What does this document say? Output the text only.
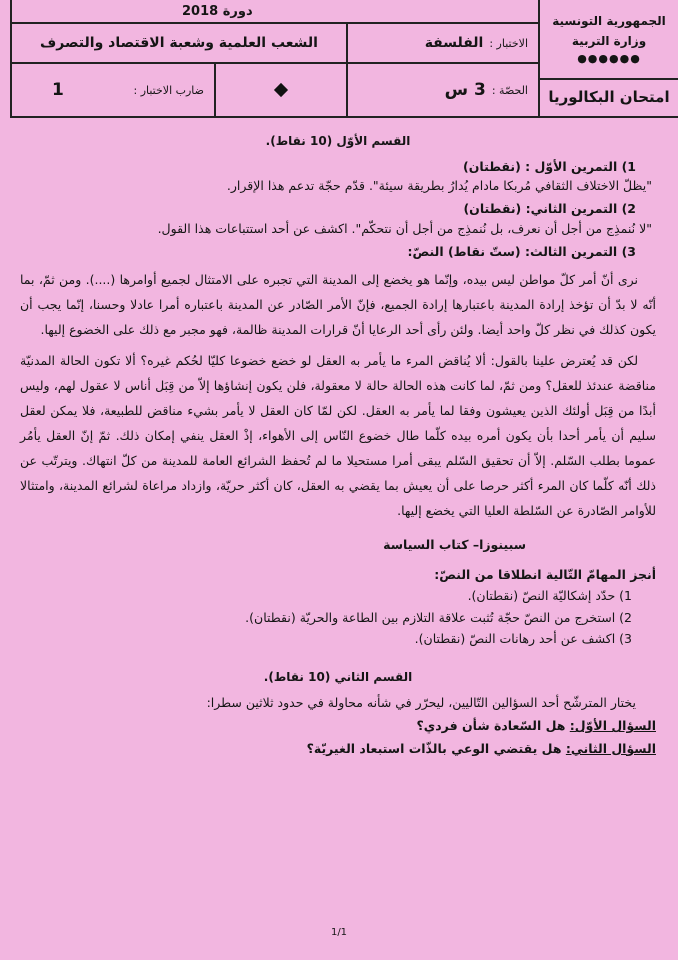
الجمهورية التونسية
وزارة التربية
●●●●●●
امتحان البكالوريا
دورة 2018
الاختبار :
الفلسفة
الشعب العلمية وشعبة الاقتصاد والتصرف
الحصّة :
3 س
ضارب الاختبار :
1
القسم الأوّل (10 نقاط).
1) التمرين الأوّل : (نقطتان)
"يظلّ الاختلاف الثقافي مُربكا مادام يُدارُ بطريقة سيئة". قدّم حجّة تدعم هذا الإقرار.
2) التمرين الثاني: (نقطتان)
"لا نُنمذِج من أجل أن نعرف، بل نُنمذِج من أجل أن نتحكّم". اكشف عن أحد استتباعات هذا القول.
3) التمرين الثالث: (ستّ نقاط) النصّ:
نرى أنّ أمر كلّ مواطن ليس بيده، وإنّما هو يخضع إلى المدينة التي تجبره على الامتثال لجميع أوامرها (....). ومن ثمّ، بما أنّه لا بدّ أن تؤخذ إرادة المدينة باعتبارها إرادة الجميع، فإنّ الأمر الصّادر عن المدينة باعتباره أمرا عادلا وحسنا، إنّما يجب أن يكون كذلك في نظر كلّ واحد أيضا. ولئن رأى أحد الرعايا أنّ قرارات المدينة ظالمة، فهو مجبر مع ذلك على الخضوع إليها.
لكن قد يُعترض علينا بالقول: ألا يُناقض المرء ما يأمر به العقل لو خضع خضوعا كليّا لحُكم غيره؟ ألا تكون الحالة المدنيّة مناقضة عندئذ للعقل؟ ومن ثمّ، لما كانت هذه الحالة حالة لا معقولة، فلن يكون إنشاؤها إلاّ من قِبَل أناس لا عقول لهم، وليس أبدًا من قِبَل أولئك الذين يعيشون وفقا لما يأمر به العقل. لكن لمّا كان العقل لا يأمر بشيء مناقض للطبيعة، فلا يمكن لعقل سليم أن يأمر أحدا بأن يكون أمره بيده كلّما طال خضوع النّاس إلى الأهواء، إذْ العقل ينفي إمكان ذلك. ثمّ إنّ العقل يأمُر عموما بطلب السّلم. إلاّ أن تحقيق السّلم يبقى أمرا مستحيلا ما لم تُحفظ الشرائع العامة للمدينة من كلّ انتهاك. ويترتّب عن ذلك أنّه كلّما كان المرء أكثر حرصا على أن يعيش بما يقضي به العقل، كان أكثر حريّة، وازداد مراعاة لشرائع المدينة، وامتثالا للأوامر الصّادرة عن السّلطة العليا التي يخضع إليها.
سبينوزا– كتاب السياسة
أنجز المهامّ التّالية انطلاقا من النصّ:
1) حدّد إشكاليّة النصّ (نقطتان).
2) استخرج من النصّ حجّة تُثبت علاقة التلازم بين الطاعة والحريّة (نقطتان).
3) اكشف عن أحد رهانات النصّ (نقطتان).
القسم الثاني (10 نقاط).
يختار المترشّح أحد السؤالين التّاليين، ليحرّر في شأنه محاولة في حدود ثلاثين سطرا:
السؤال الأوّل: هل السّعادة شأن فردي؟
السؤال الثاني: هل يقتضي الوعي بالذّات استبعاد الغيريّة؟
1/1
